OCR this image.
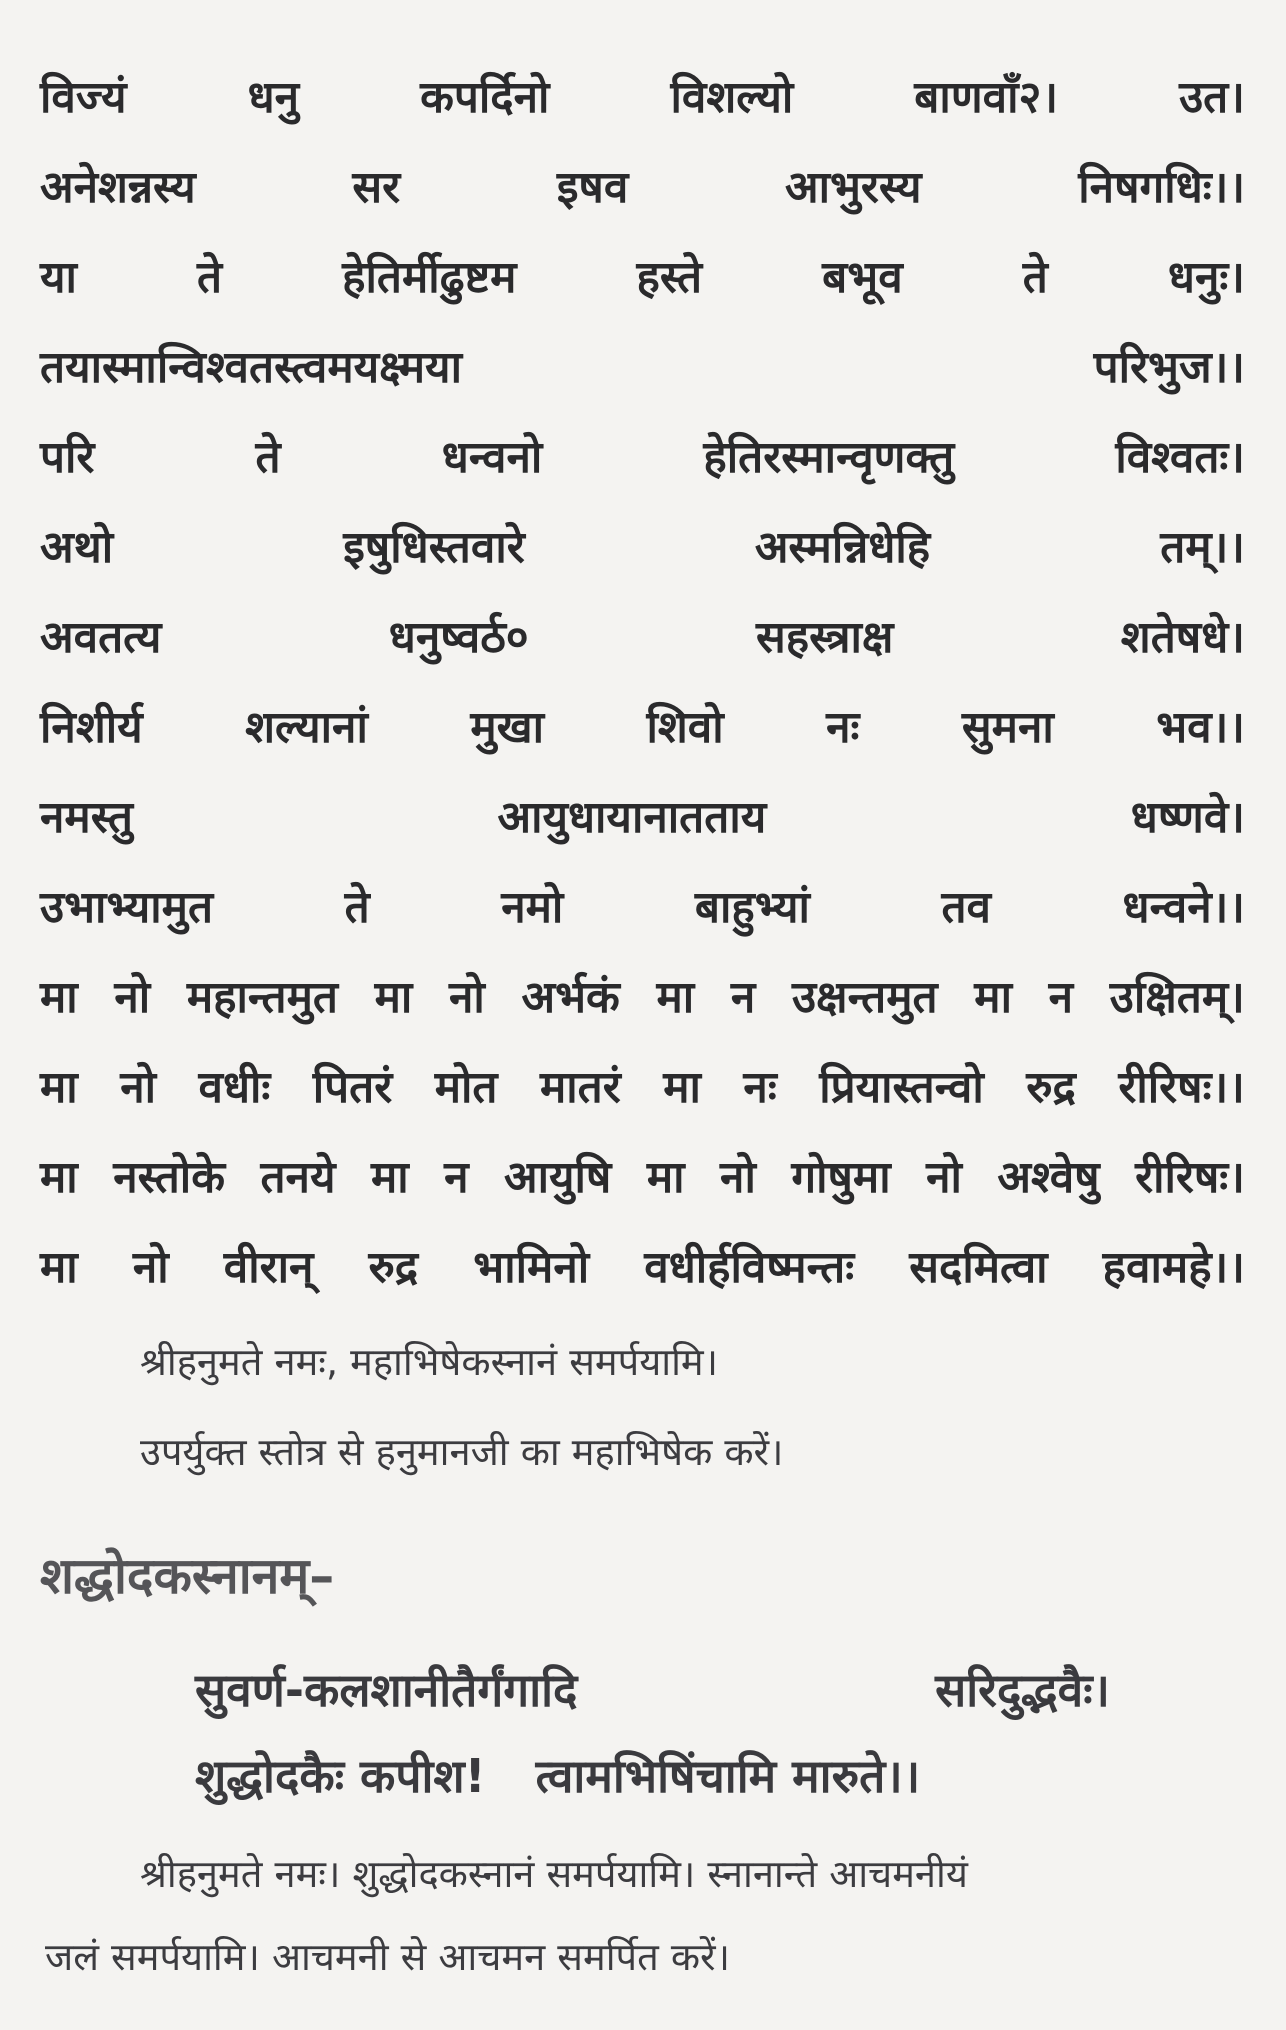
विज्यं	धनु	कपर्दिनो	विशल्यो	बाणवाँ२।	उत।
अनेशन्नस्य	सर	इषव	आभुरस्य	निषगधिः।।
या	ते	हेतिर्मीढुष्टम	हस्ते	बभूव	ते	धनुः।
तयास्मान्विश्वतस्त्वमयक्ष्मया	परिभुज।।
परि	ते	धन्वनो	हेतिरस्मान्वृणक्तु	विश्वतः।
अथो	इषुधिस्तवारे	अस्मन्निधेहि	तम्।।
अवतत्य	धनुष्वर्ठ०	सहस्त्राक्ष	शतेषधे।
निशीर्य शल्यानां मुखा शिवो नः सुमना भव।।
नमस्तु	आयुधायानातताय	धष्णवे।
उभाभ्यामुत	ते	नमो	बाहुभ्यां	तव	धन्वने।।
मा नो महान्तमुत मा नो अर्भकं मा न उक्षन्तमुत मा न उक्षितम्।
मा नो वधीः पितरं मोत मातरं मा नः प्रियास्तन्वो रुद्र रीरिषः।।
मा नस्तोके तनये मा न आयुषि मा नो गोषुमा नो अश्वेषु रीरिषः।
मा नो वीरान् रुद्र भामिनो वधीर्हविष्मन्तः सदमित्वा हवामहे।।
श्रीहनुमते नमः, महाभिषेकस्नानं समर्पयामि।
उपर्युक्त स्तोत्र से हनुमानजी का महाभिषेक करें।
शद्धोदकस्नानम्–
सुवर्ण-कलशानीतैर्गंगादि	सरिदुद्भवैः।
शुद्धोदकैः कपीश! त्वामभिषिंचामि मारुते।।
श्रीहनुमते नमः। शुद्धोदकस्नानं समर्पयामि। स्नानान्ते आचमनीयं
जलं समर्पयामि। आचमनी से आचमन समर्पित करें।
